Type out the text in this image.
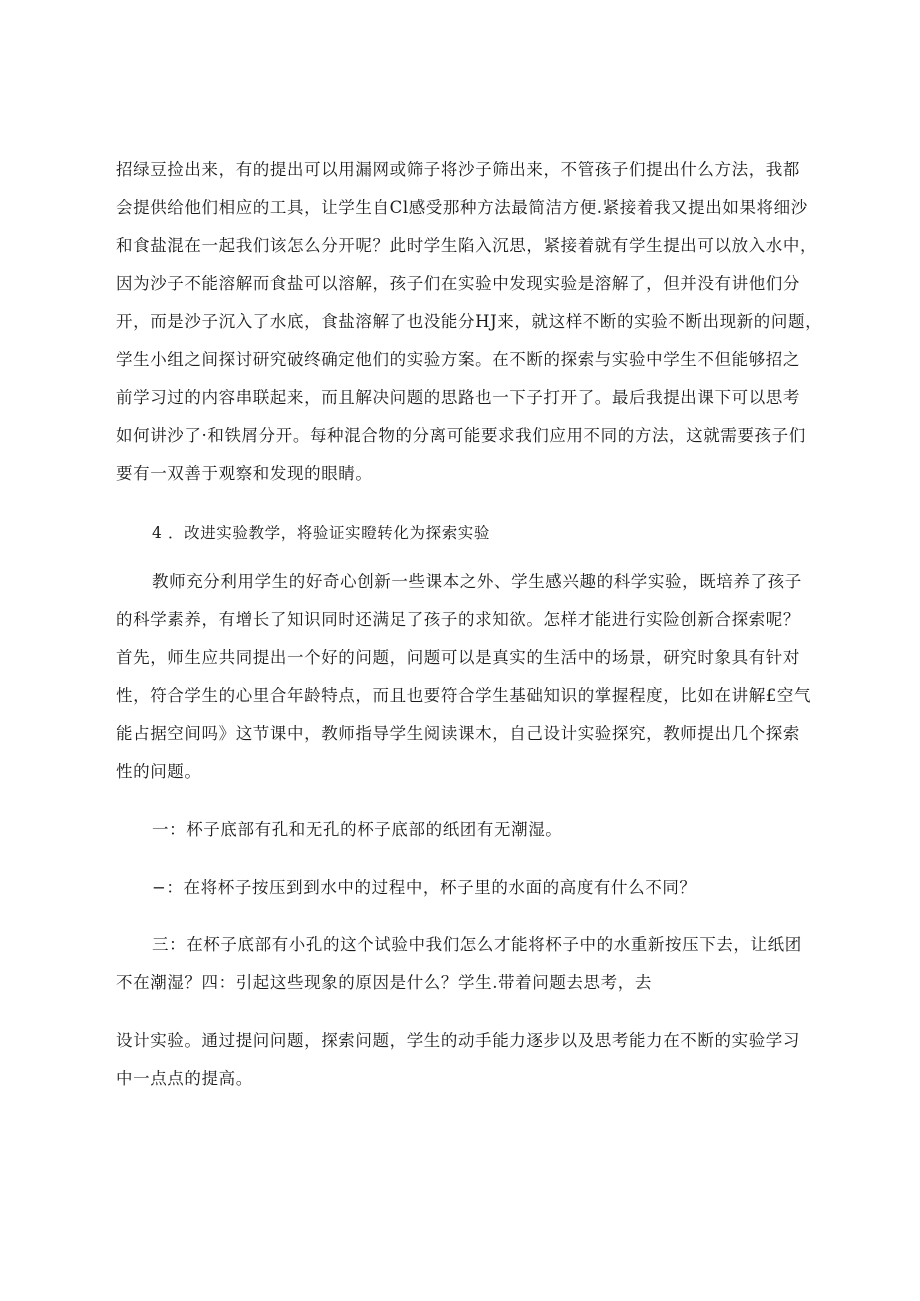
招绿豆捡出来，有的提出可以用漏网或筛子将沙子筛出来，不管孩子们提出什么方法，我都
会提供给他们相应的工具，让学生自Cl感受那种方法最简洁方便.紧接着我又提出如果将细沙
和食盐混在一起我们该怎么分开呢？此时学生陷入沉思，紧接着就有学生提出可以放入水中，
因为沙子不能溶解而食盐可以溶解，孩子们在实验中发现实验是溶解了，但并没有讲他们分
开，而是沙子沉入了水底，食盐溶解了也没能分HJ来，就这样不断的实验不断出现新的问题，
学生小组之间探讨研究破终确定他们的实验方案。在不断的探索与实验中学生不但能够招之
前学习过的内容串联起来，而且解决问题的思路也一下子打开了。最后我提出课下可以思考
如何讲沙了·和铁屑分开。每种混合物的分离可能要求我们应用不同的方法，这就需要孩子们
要有一双善于观察和发现的眼睛。
4 ．改进实验教学，将验证实瞪转化为探索实验
教师充分利用学生的好奇心创新一些课本之外、学生感兴趣的科学实验，既培养了孩子
的科学素养，有增长了知识同时还满足了孩子的求知欲。怎样才能进行实险创新合探索呢？
首先，师生应共同提出一个好的问题，问题可以是真实的生活中的场景，研究时象具有针对
性，符合学生的心里合年龄特点，而且也要符合学生基础知识的掌握程度，比如在讲解£空气
能占据空间吗》这节课中，教师指导学生阅读课木，自己设计实验探究，教师提出几个探索
性的问题。
一：杯子底部有孔和无孔的杯子底部的纸团有无潮湿。
−：在将杯子按压到到水中的过程中，杯子里的水面的高度有什么不同？
三：在杯子底部有小孔的这个试验中我们怎么才能将杯子中的水重新按压下去，让纸团
不在潮湿？四：引起这些现象的原因是什么？学生.带着问题去思考，去
设计实验。通过提问问题，探索问题，学生的动手能力逐步以及思考能力在不断的实验学习
中一点点的提高。
